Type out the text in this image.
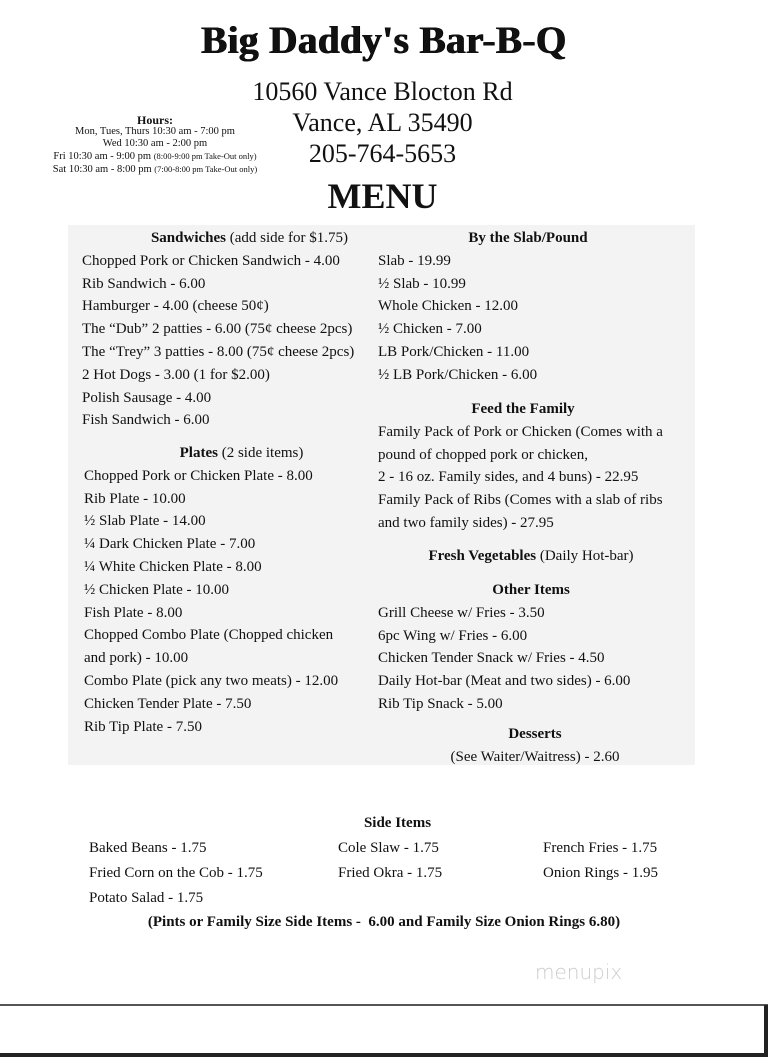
Big Daddy's Bar-B-Q
10560 Vance Blocton Rd
Vance, AL 35490
205-764-5653
MENU
Hours:
Mon, Tues, Thurs 10:30 am - 7:00 pm
Wed 10:30 am - 2:00 pm
Fri 10:30 am - 9:00 pm (8:00-9:00 pm Take-Out only)
Sat 10:30 am - 8:00 pm (7:00-8:00 pm Take-Out only)
Sandwiches (add side for $1.75)
Chopped Pork or Chicken Sandwich - 4.00
Rib Sandwich - 6.00
Hamburger - 4.00 (cheese 50¢)
The “Dub” 2 patties - 6.00 (75¢ cheese 2pcs)
The “Trey” 3 patties - 8.00 (75¢ cheese 2pcs)
2 Hot Dogs - 3.00 (1 for $2.00)
Polish Sausage - 4.00
Fish Sandwich - 6.00
Plates (2 side items)
Chopped Pork or Chicken Plate - 8.00
Rib Plate - 10.00
½ Slab Plate - 14.00
¼ Dark Chicken Plate - 7.00
¼ White Chicken Plate - 8.00
½ Chicken Plate - 10.00
Fish Plate - 8.00
Chopped Combo Plate (Chopped chicken
and pork) - 10.00
Combo Plate (pick any two meats) - 12.00
Chicken Tender Plate - 7.50
Rib Tip Plate - 7.50
By the Slab/Pound
Slab - 19.99
½ Slab - 10.99
Whole Chicken - 12.00
½ Chicken - 7.00
LB Pork/Chicken - 11.00
½ LB Pork/Chicken - 6.00
Feed the Family
Family Pack of Pork or Chicken (Comes with a
pound of chopped pork or chicken,
2 - 16 oz. Family sides, and 4 buns) - 22.95
Family Pack of Ribs (Comes with a slab of ribs
and two family sides) - 27.95
Fresh Vegetables (Daily Hot-bar)
Other Items
Grill Cheese w/ Fries - 3.50
6pc Wing w/ Fries - 6.00
Chicken Tender Snack w/ Fries - 4.50
Daily Hot-bar (Meat and two sides) - 6.00
Rib Tip Snack - 5.00
Desserts
(See Waiter/Waitress) - 2.60
Side Items
Baked Beans - 1.75
Fried Corn on the Cob - 1.75
Potato Salad - 1.75
Cole Slaw - 1.75
Fried Okra - 1.75
French Fries - 1.75
Onion Rings - 1.95
(Pints or Family Size Side Items -  6.00 and Family Size Onion Rings 6.80)
menupix
